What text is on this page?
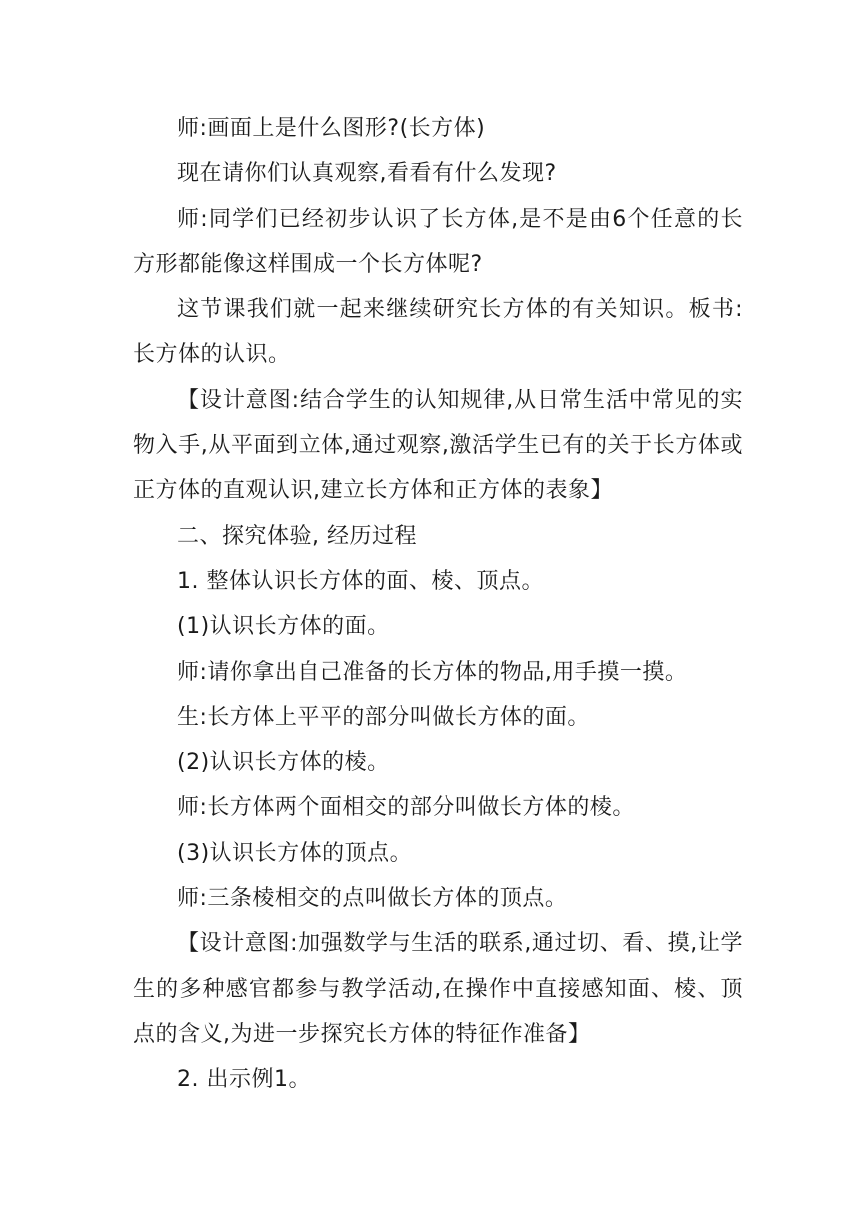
师:画面上是什么图形?(长方体)

现在请你们认真观察,看看有什么发现?

师:同学们已经初步认识了长方体,是不是由6个任意的长方形都能像这样围成一个长方体呢?

这节课我们就一起来继续研究长方体的有关知识。板书:长方体的认识。

【设计意图:结合学生的认知规律,从日常生活中常见的实物入手,从平面到立体,通过观察,激活学生已有的关于长方体或正方体的直观认识,建立长方体和正方体的表象】

二、探究体验, 经历过程

1. 整体认识长方体的面、棱、顶点。

(1)认识长方体的面。

师:请你拿出自己准备的长方体的物品,用手摸一摸。

生:长方体上平平的部分叫做长方体的面。

(2)认识长方体的棱。

师:长方体两个面相交的部分叫做长方体的棱。

(3)认识长方体的顶点。

师:三条棱相交的点叫做长方体的顶点。

【设计意图:加强数学与生活的联系,通过切、看、摸,让学生的多种感官都参与教学活动,在操作中直接感知面、棱、顶点的含义,为进一步探究长方体的特征作准备】

2. 出示例1。
